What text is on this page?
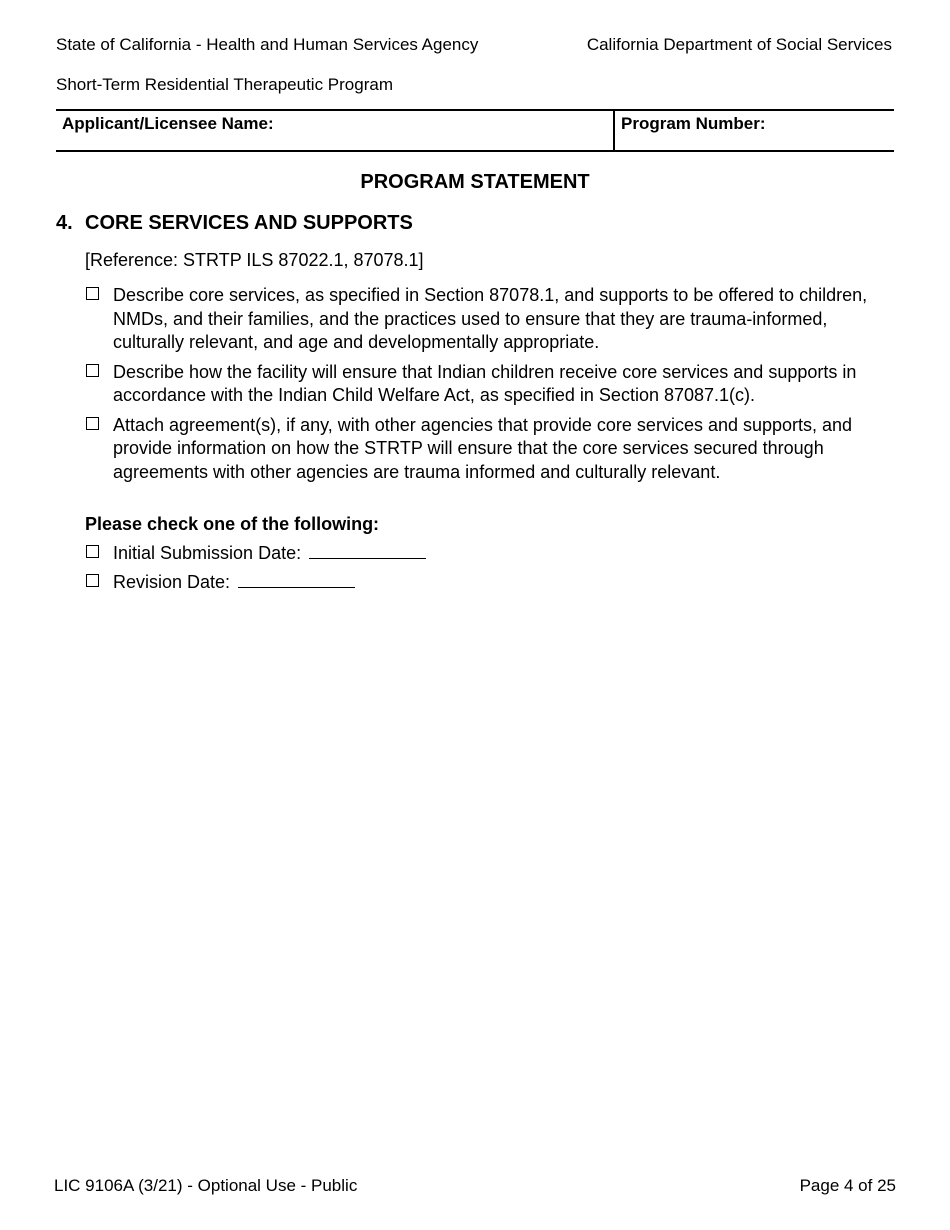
State of California - Health and Human Services Agency	California Department of Social Services
Short-Term Residential Therapeutic Program
Applicant/Licensee Name:	Program Number:
PROGRAM STATEMENT
4. CORE SERVICES AND SUPPORTS
[Reference: STRTP ILS 87022.1, 87078.1]
Describe core services, as specified in Section 87078.1, and supports to be offered to children, NMDs, and their families, and the practices used to ensure that they are trauma-informed, culturally relevant, and age and developmentally appropriate.
Describe how the facility will ensure that Indian children receive core services and supports in accordance with the Indian Child Welfare Act, as specified in Section 87087.1(c).
Attach agreement(s), if any, with other agencies that provide core services and supports, and provide information on how the STRTP will ensure that the core services secured through agreements with other agencies are trauma informed and culturally relevant.
Please check one of the following:
Initial Submission Date:
Revision Date:
LIC 9106A (3/21) - Optional Use - Public	Page 4 of 25
